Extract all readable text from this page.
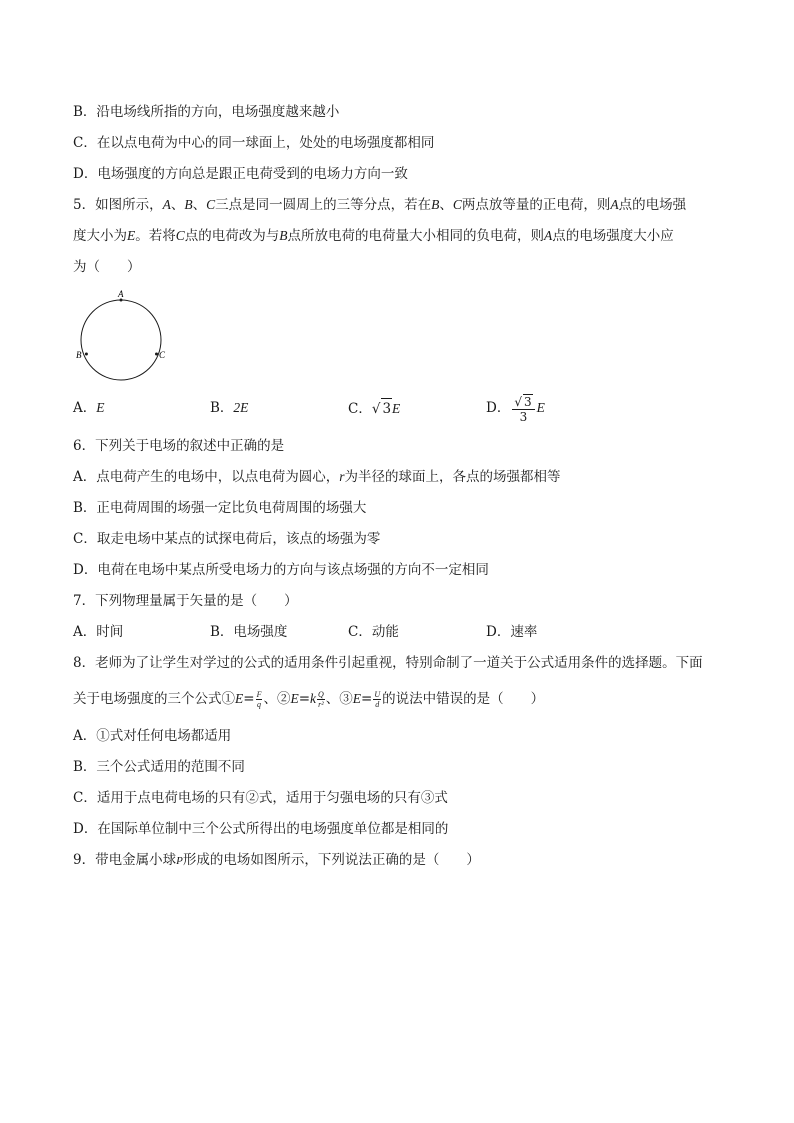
B．沿电场线所指的方向，电场强度越来越小
C．在以点电荷为中心的同一球面上，处处的电场强度都相同
D．电场强度的方向总是跟正电荷受到的电场力方向一致
5．如图所示，A、B、C三点是同一圆周上的三等分点，若在B、C两点放等量的正电荷，则A点的电场强
度大小为E。若将C点的电荷改为与B点所放电荷的电荷量大小相同的负电荷，则A点的电场强度大小应
为（　　）
A
B	C
A．E	B．2E	C．√ 3E	D． $\frac{√ 3}{3}$ E
6．下列关于电场的叙述中正确的是
A．点电荷产生的电场中，以点电荷为圆心，r为半径的球面上，各点的场强都相等
B．正电荷周围的场强一定比负电荷周围的场强大
C．取走电场中某点的试探电荷后，该点的场强为零
D．电荷在电场中某点所受电场力的方向与该点场强的方向不一定相同
7．下列物理量属于矢量的是（　　）
A．时间	B．电场强度	C．动能	D．速率
8．老师为了让学生对学过的公式的适用条件引起重视，特别命制了一道关于公式适用条件的选择题。下面
关于电场强度的三个公式①E= $\frac{F}{q}$ 、②E=k $\frac{Q}{\text{r²}}$ 、③E= $\frac{U}{d}$ 的说法中错误的是（　　）
A．①式对任何电场都适用
B．三个公式适用的范围不同
C．适用于点电荷电场的只有②式，适用于匀强电场的只有③式
D．在国际单位制中三个公式所得出的电场强度单位都是相同的
9．带电金属小球P形成的电场如图所示，下列说法正确的是（　　）
